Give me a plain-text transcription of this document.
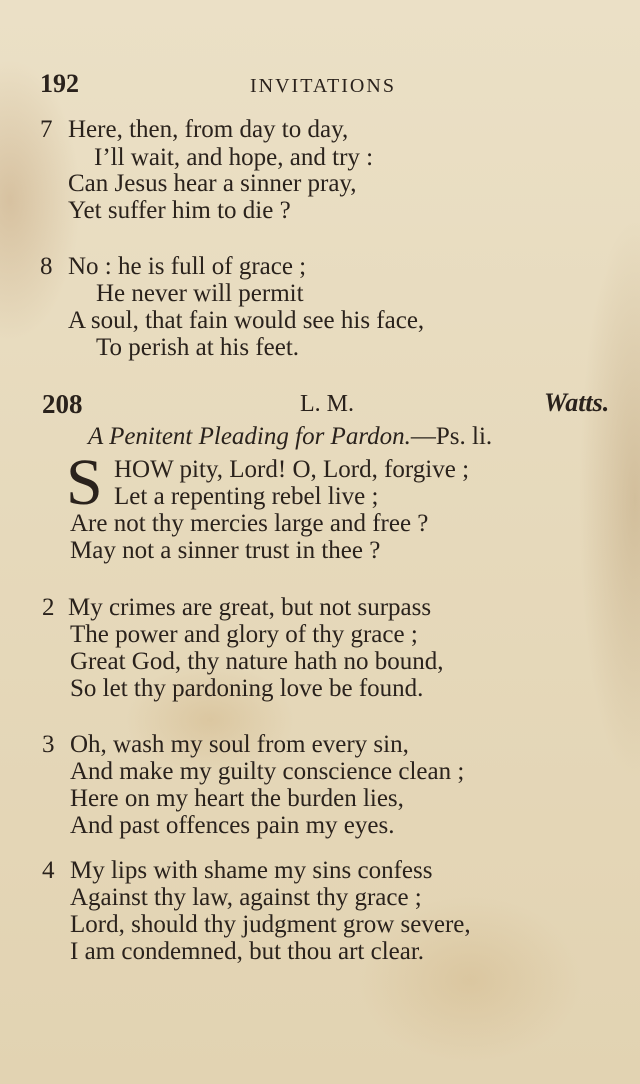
192	INVITATIONS
7 Here, then, from day to day,
I’ll wait, and hope, and try :
Can Jesus hear a sinner pray,
Yet suffer him to die ?
8 No : he is full of grace ;
He never will permit
A soul, that fain would see his face,
To perish at his feet.
208	L. M.	Watts.
A Penitent Pleading for Pardon.—Ps. li.
S HOW pity, Lord! O, Lord, forgive ;
Let a repenting rebel live ;
Are not thy mercies large and free ?
May not a sinner trust in thee ?
2 My crimes are great, but not surpass
The power and glory of thy grace ;
Great God, thy nature hath no bound,
So let thy pardoning love be found.
3 Oh, wash my soul from every sin,
And make my guilty conscience clean ;
Here on my heart the burden lies,
And past offences pain my eyes.
4 My lips with shame my sins confess
Against thy law, against thy grace ;
Lord, should thy judgment grow severe,
I am condemned, but thou art clear.
